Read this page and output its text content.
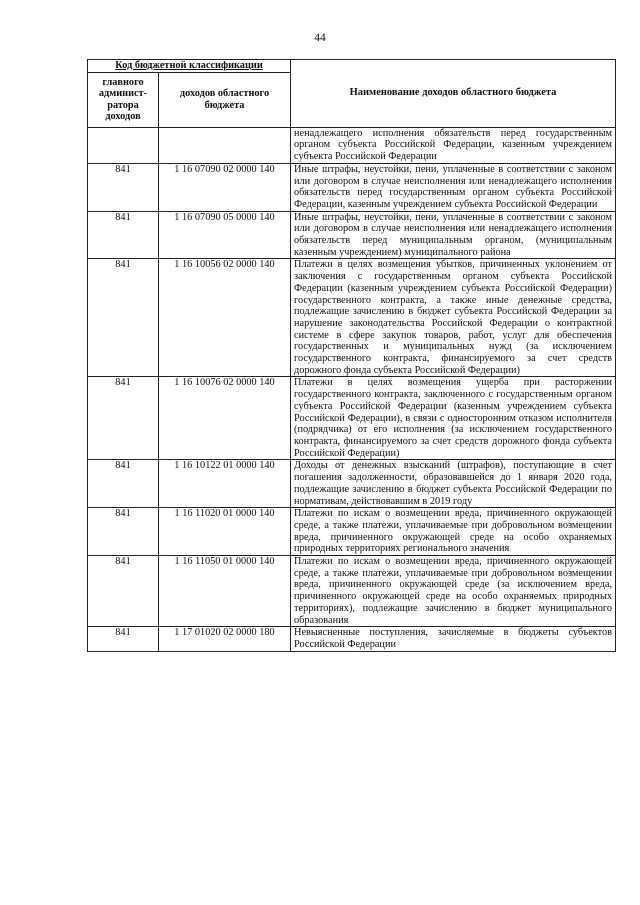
44
Код бюджетной классификации		Наименование доходов областного бюджета
главного админист-ратора доходов	доходов областного бюджета	
		ненадлежащего исполнения обязательств перед государственным органом субъекта Российской Федерации, казенным учреждением субъекта Российской Федерации
841	1 16 07090 02 0000 140	Иные штрафы, неустойки, пени, уплаченные в соответствии с законом или договором в случае неисполнения или ненадлежащего исполнения обязательств перед государственным органом субъекта Российской Федерации, казенным учреждением субъекта Российской Федерации
841	1 16 07090 05 0000 140	Иные штрафы, неустойки, пени, уплаченные в соответствии с законом или договором в случае неисполнения или ненадлежащего исполнения обязательств перед муниципальным органом, (муниципальным казенным учреждением) муниципального района
841	1 16 10056 02 0000 140	Платежи в целях возмещения убытков, причиненных уклонением от заключения с государственным органом субъекта Российской Федерации (казенным учреждением субъекта Российской Федерации) государственного контракта, а также иные денежные средства, подлежащие зачислению в бюджет субъекта Российской Федерации за нарушение законодательства Российской Федерации о контрактной системе в сфере закупок товаров, работ, услуг для обеспечения государственных и муниципальных нужд (за исключением государственного контракта, финансируемого за счет средств дорожного фонда субъекта Российской Федерации)
841	1 16 10076 02 0000 140	Платежи в целях возмещения ущерба при расторжении государственного контракта, заключенного с государственным органом субъекта Российской Федерации (казенным учреждением субъекта Российской Федерации), в связи с односторонним отказом исполнителя (подрядчика) от его исполнения (за исключением государственного контракта, финансируемого за счет средств дорожного фонда субъекта Российской Федерации)
841	1 16 10122 01 0000 140	Доходы от денежных взысканий (штрафов), поступающие в счет погашения задолженности, образовавшейся до 1 января 2020 года, подлежащие зачислению в бюджет субъекта Российской Федерации по нормативам, действовавшим в 2019 году
841	1 16 11020 01 0000 140	Платежи по искам о возмещении вреда, причиненного окружающей среде, а также платежи, уплачиваемые при добровольном возмещении вреда, причиненного окружающей среде на особо охраняемых природных территориях регионального значения
841	1 16 11050 01 0000 140	Платежи по искам о возмещении вреда, причиненного окружающей среде, а также платежи, уплачиваемые при добровольном возмещении вреда, причиненного окружающей среде (за исключением вреда, причиненного окружающей среде на особо охраняемых природных территориях), подлежащие зачислению в бюджет муниципального образования
841	1 17 01020 02 0000 180	Невыясненные поступления, зачисляемые в бюджеты субъектов Российской Федерации
